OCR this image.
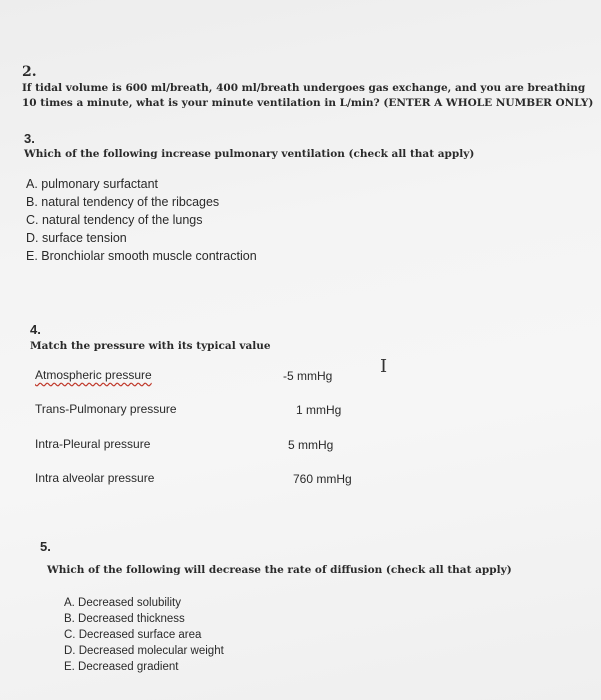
2.
If tidal volume is 600 ml/breath, 400 ml/breath undergoes gas exchange, and you are breathing 10 times a minute, what is your minute ventilation in L/min? (ENTER A WHOLE NUMBER ONLY)
3.
Which of the following increase pulmonary ventilation (check all that apply)
A. pulmonary surfactant
B. natural tendency of the ribcages
C. natural tendency of the lungs
D. surface tension
E. Bronchiolar smooth muscle contraction
4.
Match the pressure with its typical value
Atmospheric pressure
Trans-Pulmonary pressure
Intra-Pleural pressure
Intra alveolar pressure
-5 mmHg
1 mmHg
5 mmHg
760 mmHg
I
5.
Which of the following will decrease the rate of diffusion (check all that apply)
A. Decreased solubility
B. Decreased thickness
C. Decreased surface area
D. Decreased molecular weight
E. Decreased gradient
